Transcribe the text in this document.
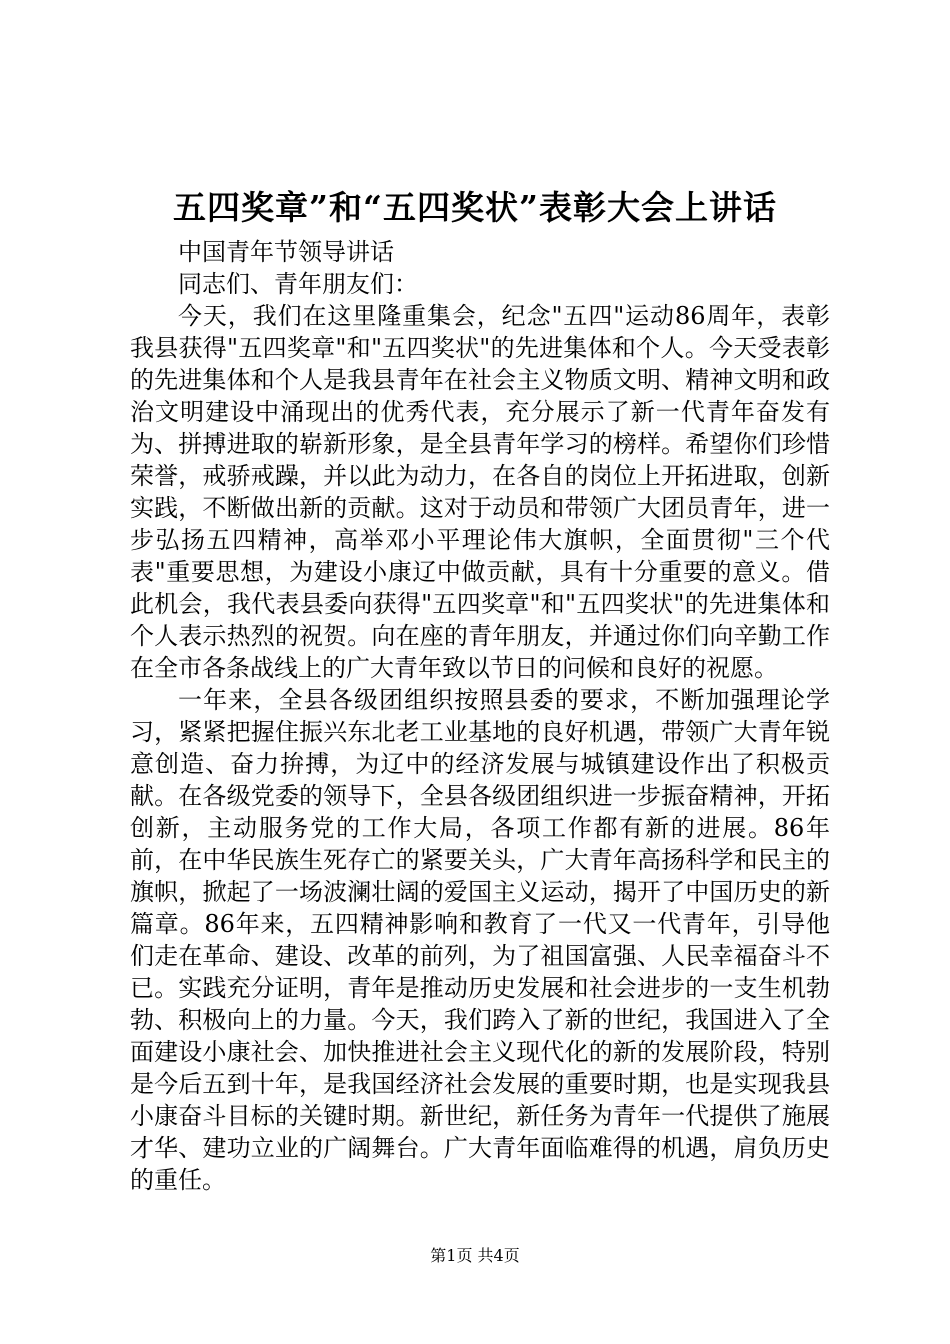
五四奖章”和“五四奖状”表彰大会上讲话

中国青年节领导讲话

同志们、青年朋友们：

今天，我们在这里隆重集会，纪念"五四"运动86周年，表彰我县获得"五四奖章"和"五四奖状"的先进集体和个人。今天受表彰的先进集体和个人是我县青年在社会主义物质文明、精神文明和政治文明建设中涌现出的优秀代表，充分展示了新一代青年奋发有为、拼搏进取的崭新形象，是全县青年学习的榜样。希望你们珍惜荣誉，戒骄戒躁，并以此为动力，在各自的岗位上开拓进取，创新实践，不断做出新的贡献。这对于动员和带领广大团员青年，进一步弘扬五四精神，高举邓小平理论伟大旗帜，全面贯彻"三个代表"重要思想，为建设小康辽中做贡献，具有十分重要的意义。借此机会，我代表县委向获得"五四奖章"和"五四奖状"的先进集体和个人表示热烈的祝贺。向在座的青年朋友，并通过你们向辛勤工作在全市各条战线上的广大青年致以节日的问候和良好的祝愿。

一年来，全县各级团组织按照县委的要求，不断加强理论学习，紧紧把握住振兴东北老工业基地的良好机遇，带领广大青年锐意创造、奋力拚搏，为辽中的经济发展与城镇建设作出了积极贡献。在各级党委的领导下，全县各级团组织进一步振奋精神，开拓创新，主动服务党的工作大局，各项工作都有新的进展。86年前，在中华民族生死存亡的紧要关头，广大青年高扬科学和民主的旗帜，掀起了一场波澜壮阔的爱国主义运动，揭开了中国历史的新篇章。86年来，五四精神影响和教育了一代又一代青年，引导他们走在革命、建设、改革的前列，为了祖国富强、人民幸福奋斗不已。实践充分证明，青年是推动历史发展和社会进步的一支生机勃勃、积极向上的力量。今天，我们跨入了新的世纪，我国进入了全面建设小康社会、加快推进社会主义现代化的新的发展阶段，特别是今后五到十年，是我国经济社会发展的重要时期，也是实现我县小康奋斗目标的关键时期。新世纪，新任务为青年一代提供了施展才华、建功立业的广阔舞台。广大青年面临难得的机遇，肩负历史的重任。

第1页 共4页
